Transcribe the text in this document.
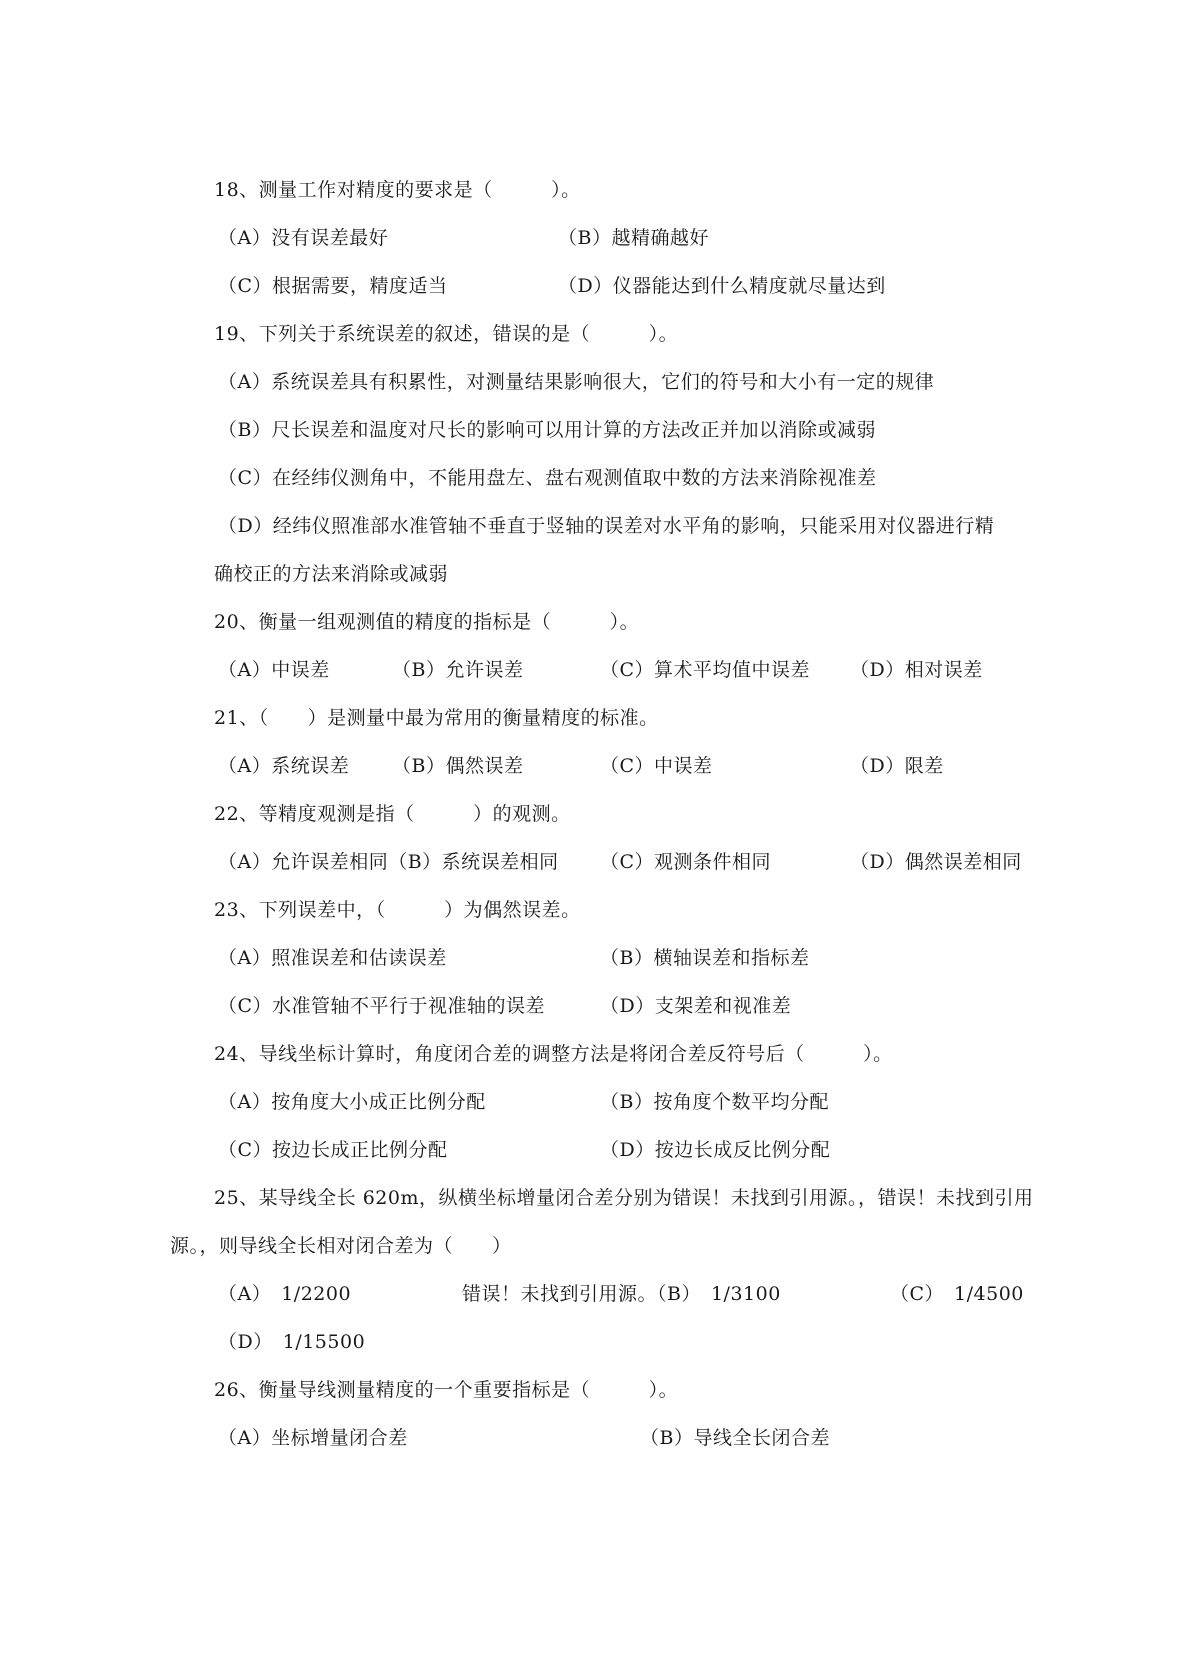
18、测量工作对精度的要求是（　　　）。
（A）没有误差最好	（B）越精确越好
（C）根据需要，精度适当	（D）仪器能达到什么精度就尽量达到
19、下列关于系统误差的叙述，错误的是（　　　）。
（A）系统误差具有积累性，对测量结果影响很大，它们的符号和大小有一定的规律
（B）尺长误差和温度对尺长的影响可以用计算的方法改正并加以消除或减弱
（C）在经纬仪测角中，不能用盘左、盘右观测值取中数的方法来消除视准差
（D）经纬仪照准部水准管轴不垂直于竖轴的误差对水平角的影响，只能采用对仪器进行精
确校正的方法来消除或减弱
20、衡量一组观测值的精度的指标是（　　　）。
（A）中误差	（B）允许误差	（C）算术平均值中误差 （D）相对误差
21、（　　）是测量中最为常用的衡量精度的标准。
（A）系统误差 （B）偶然误差	（C）中误差	（D）限差
22、等精度观测是指（　　　）的观测。
（A）允许误差相同（B）系统误差相同 （C）观测条件相同	（D）偶然误差相同
23、下列误差中，（　　　）为偶然误差。
（A）照准误差和估读误差	（B）横轴误差和指标差
（C）水准管轴不平行于视准轴的误差	（D）支架差和视准差
24、导线坐标计算时，角度闭合差的调整方法是将闭合差反符号后（　　　）。
（A）按角度大小成正比例分配	（B）按角度个数平均分配
（C）按边长成正比例分配	（D）按边长成反比例分配
25、某导线全长 620m，纵横坐标增量闭合差分别为错误！未找到引用源。，错误！未找到引用
源。，则导线全长相对闭合差为（　　）
（A）　1/2200	错误！未找到引用源。（B）　1/3100	（C）　1/4500
（D）　1/15500
26、衡量导线测量精度的一个重要指标是（　　　）。
（A）坐标增量闭合差	（B）导线全长闭合差
